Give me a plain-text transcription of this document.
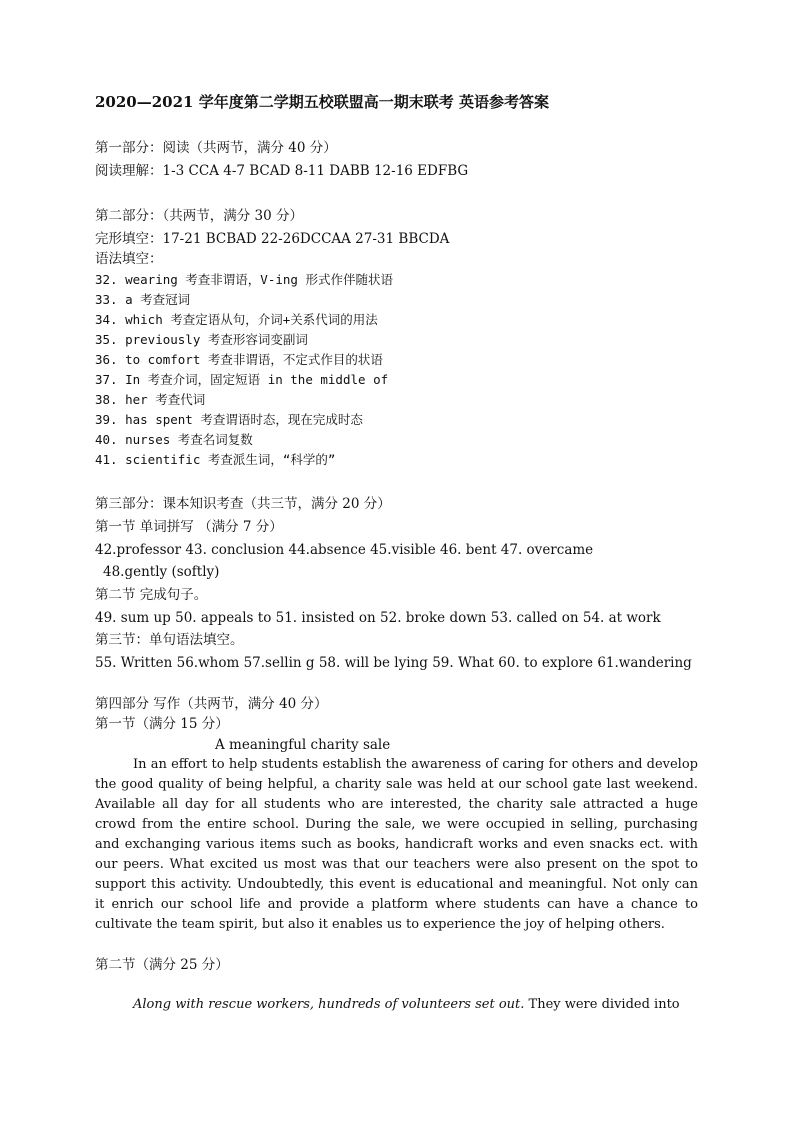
2020—2021 学年度第二学期五校联盟高一期末联考 英语参考答案
第一部分：阅读（共两节，满分 40 分）
阅读理解：1-3 CCA 4-7 BCAD 8-11 DABB 12-16 EDFBG
第二部分：（共两节，满分 30 分）
完形填空：17-21 BCBAD 22-26DCCAA 27-31 BBCDA
语法填空：
32. wearing 考查非谓语，V-ing 形式作伴随状语
33. a 考查冠词
34. which 考查定语从句，介词+关系代词的用法
35. previously 考查形容词变副词
36. to comfort 考查非谓语，不定式作目的状语
37. In 考查介词，固定短语 in the middle of
38. her 考查代词
39. has spent 考查谓语时态，现在完成时态
40. nurses 考查名词复数
41. scientific 考查派生词，“科学的”
第三部分：课本知识考查（共三节，满分 20 分）
第一节 单词拼写 （满分 7 分）
42.professor 43. conclusion 44.absence 45.visible 46. bent 47. overcame
48.gently (softly)
第二节 完成句子。
49. sum up 50. appeals to 51. insisted on 52. broke down 53. called on 54. at work
第三节：单句语法填空。
55. Written 56.whom 57.sellin g 58. will be lying 59. What 60. to explore 61.wandering
第四部分 写作（共两节，满分 40 分）
第一节（满分 15 分）
A meaningful charity sale

In an effort to help students establish the awareness of caring for others and develop the good quality of being helpful, a charity sale was held at our school gate last weekend. Available all day for all students who are interested, the charity sale attracted a huge crowd from the entire school. During the sale, we were occupied in selling, purchasing and exchanging various items such as books, handicraft works and even snacks ect. with our peers. What excited us most was that our teachers were also present on the spot to support this activity. Undoubtedly, this event is educational and meaningful. Not only can it enrich our school life and provide a platform where students can have a chance to cultivate the team spirit, but also it enables us to experience the joy of helping others.

第二节（满分 25 分）

Along with rescue workers, hundreds of volunteers set out. They were divided into
